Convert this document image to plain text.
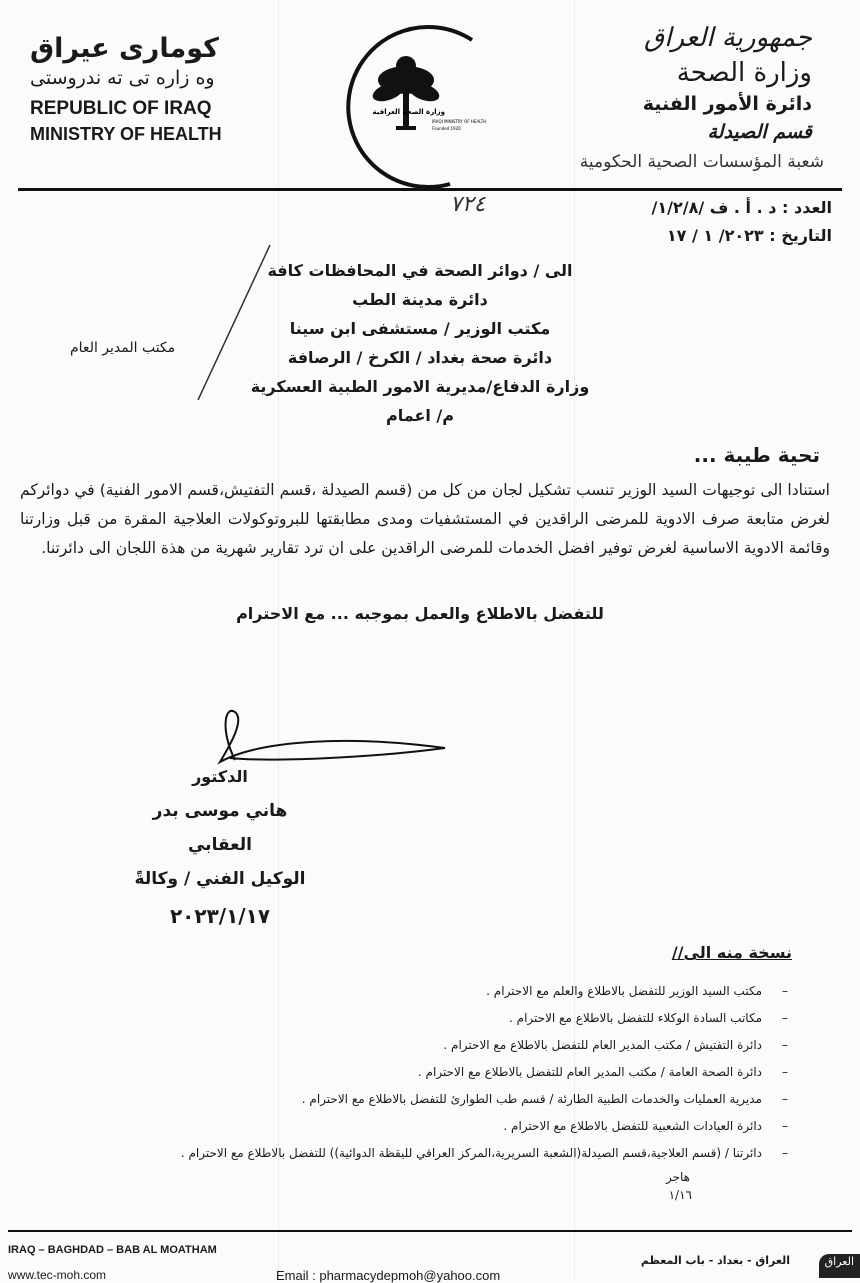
کوماری عیراق
وه زاره تی ته ندروستی
REPUBLIC OF IRAQ
MINISTRY OF HEALTH
وزارة الصحة العراقية
IRAQI MINISTRY OF HEALTH
Founded 1920
جمهورية العراق
وزارة الصحة
دائرة الأمور الفنية
قسم الصيدلة
شعبة المؤسسات الصحية الحكومية
العدد : د . أ . ف /١/٢/٨/
٧٢٤
التاريخ : ٢٠٢٣/ ١ / ١٧
الى / دوائر الصحة في المحافظات كافة
دائرة مدينة الطب
مكتب الوزير / مستشفى ابن سينا
دائرة صحة بغداد / الكرخ / الرصافة
وزارة الدفاع/مديرية الامور الطبية العسكرية
م/ اعمام
مكتب المدير العام
تحية طيبة ...
استنادا الى توجيهات السيد الوزير تنسب تشكيل لجان من كل من (قسم الصيدلة ،قسم التفتيش،قسم الامور الفنية) في دوائركم لغرض متابعة صرف الادوية للمرضى الراقدين في المستشفيات ومدى مطابقتها للبروتوكولات العلاجية المقرة من قبل وزارتنا وقائمة الادوية الاساسية لغرض توفير افضل الخدمات للمرضى الراقدين على ان ترد تقارير شهرية من هذة اللجان الى دائرتنا.
للتفضل بالاطلاع والعمل بموجبه ... مع الاحترام
الدكتور
هاني موسى بدر العقابي
الوكيل الفني / وكالةً
٢٠٢٣/١/١٧
نسخة منه الى//
– مكتب السيد الوزير للتفضل بالاطلاع والعلم مع الاحترام .
– مكاتب السادة الوكلاء للتفضل بالاطلاع مع الاحترام .
– دائرة التفتيش / مكتب المدير العام للتفضل بالاطلاع مع الاحترام .
– دائرة الصحة العامة / مكتب المدير العام للتفضل بالاطلاع مع الاحترام .
– مديرية العمليات والخدمات الطبية الطارئة / قسم طب الطوارئ للتفضل بالاطلاع مع الاحترام .
– دائرة العيادات الشعبية للتفضل بالاطلاع مع الاحترام .
– دائرتنا / (قسم العلاجية،قسم الصيدلة(الشعبة السريرية،المركز العراقي لليقظة الدوائية)) للتفضل بالاطلاع مع الاحترام .
هاجر
١/١٦
IRAQ – BAGHDAD – BAB AL MOATHAM
www.tec-moh.com	Email : pharmacydepmoh@yahoo.com
العراق - بغداد - باب المعظم	العراق
